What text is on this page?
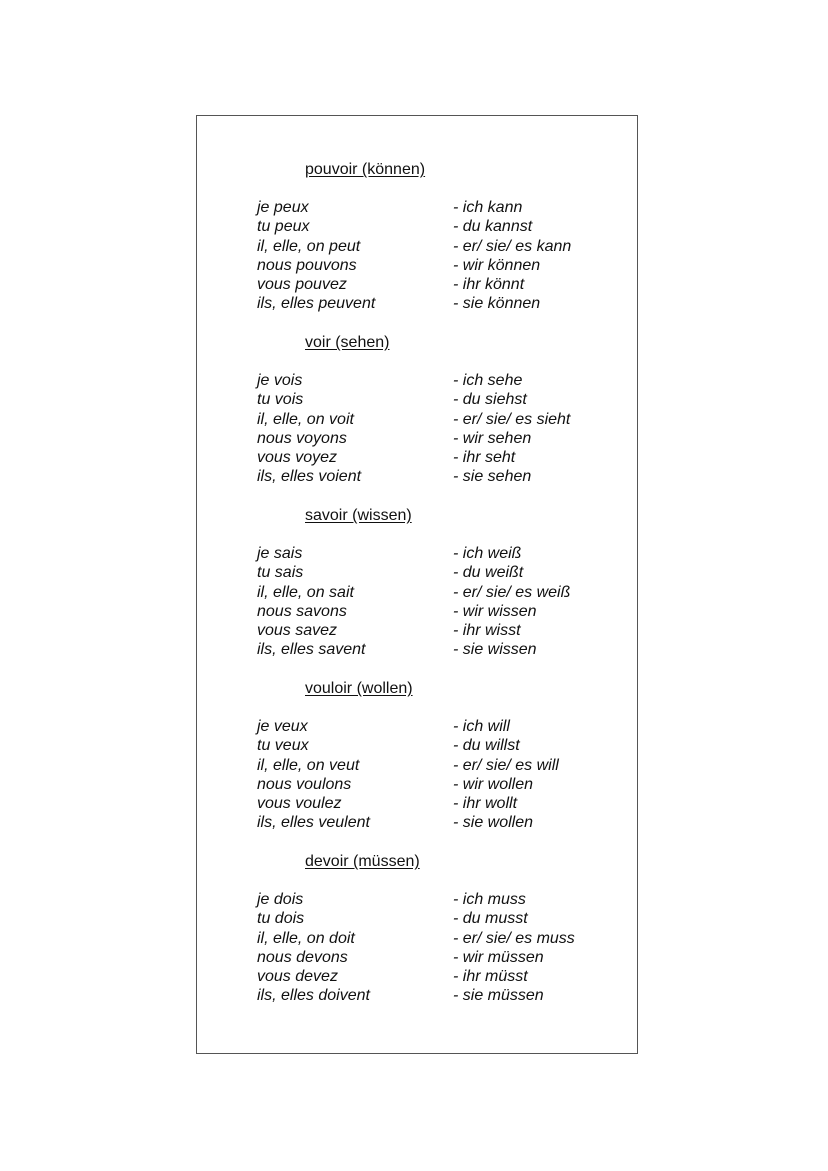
pouvoir (können)
je peux	- ich kann
tu peux	- du kannst
il, elle, on peut	- er/ sie/ es kann
nous pouvons	- wir können
vous pouvez	- ihr könnt
ils, elles peuvent	- sie können
voir (sehen)
je vois	- ich sehe
tu vois	- du siehst
il, elle, on voit	- er/ sie/ es sieht
nous voyons	- wir sehen
vous voyez	- ihr seht
ils, elles voient	- sie sehen
savoir (wissen)
je sais	- ich weiß
tu sais	- du weißt
il, elle, on sait	- er/ sie/ es weiß
nous savons	- wir wissen
vous savez	- ihr wisst
ils, elles savent	- sie wissen
vouloir (wollen)
je veux	- ich will
tu veux	- du willst
il, elle, on veut	- er/ sie/ es will
nous voulons	- wir wollen
vous voulez	- ihr wollt
ils, elles veulent	- sie wollen
devoir (müssen)
je dois	- ich muss
tu dois	- du musst
il, elle, on doit	- er/ sie/ es muss
nous devons	- wir müssen
vous devez	- ihr müsst
ils, elles doivent	- sie müssen
